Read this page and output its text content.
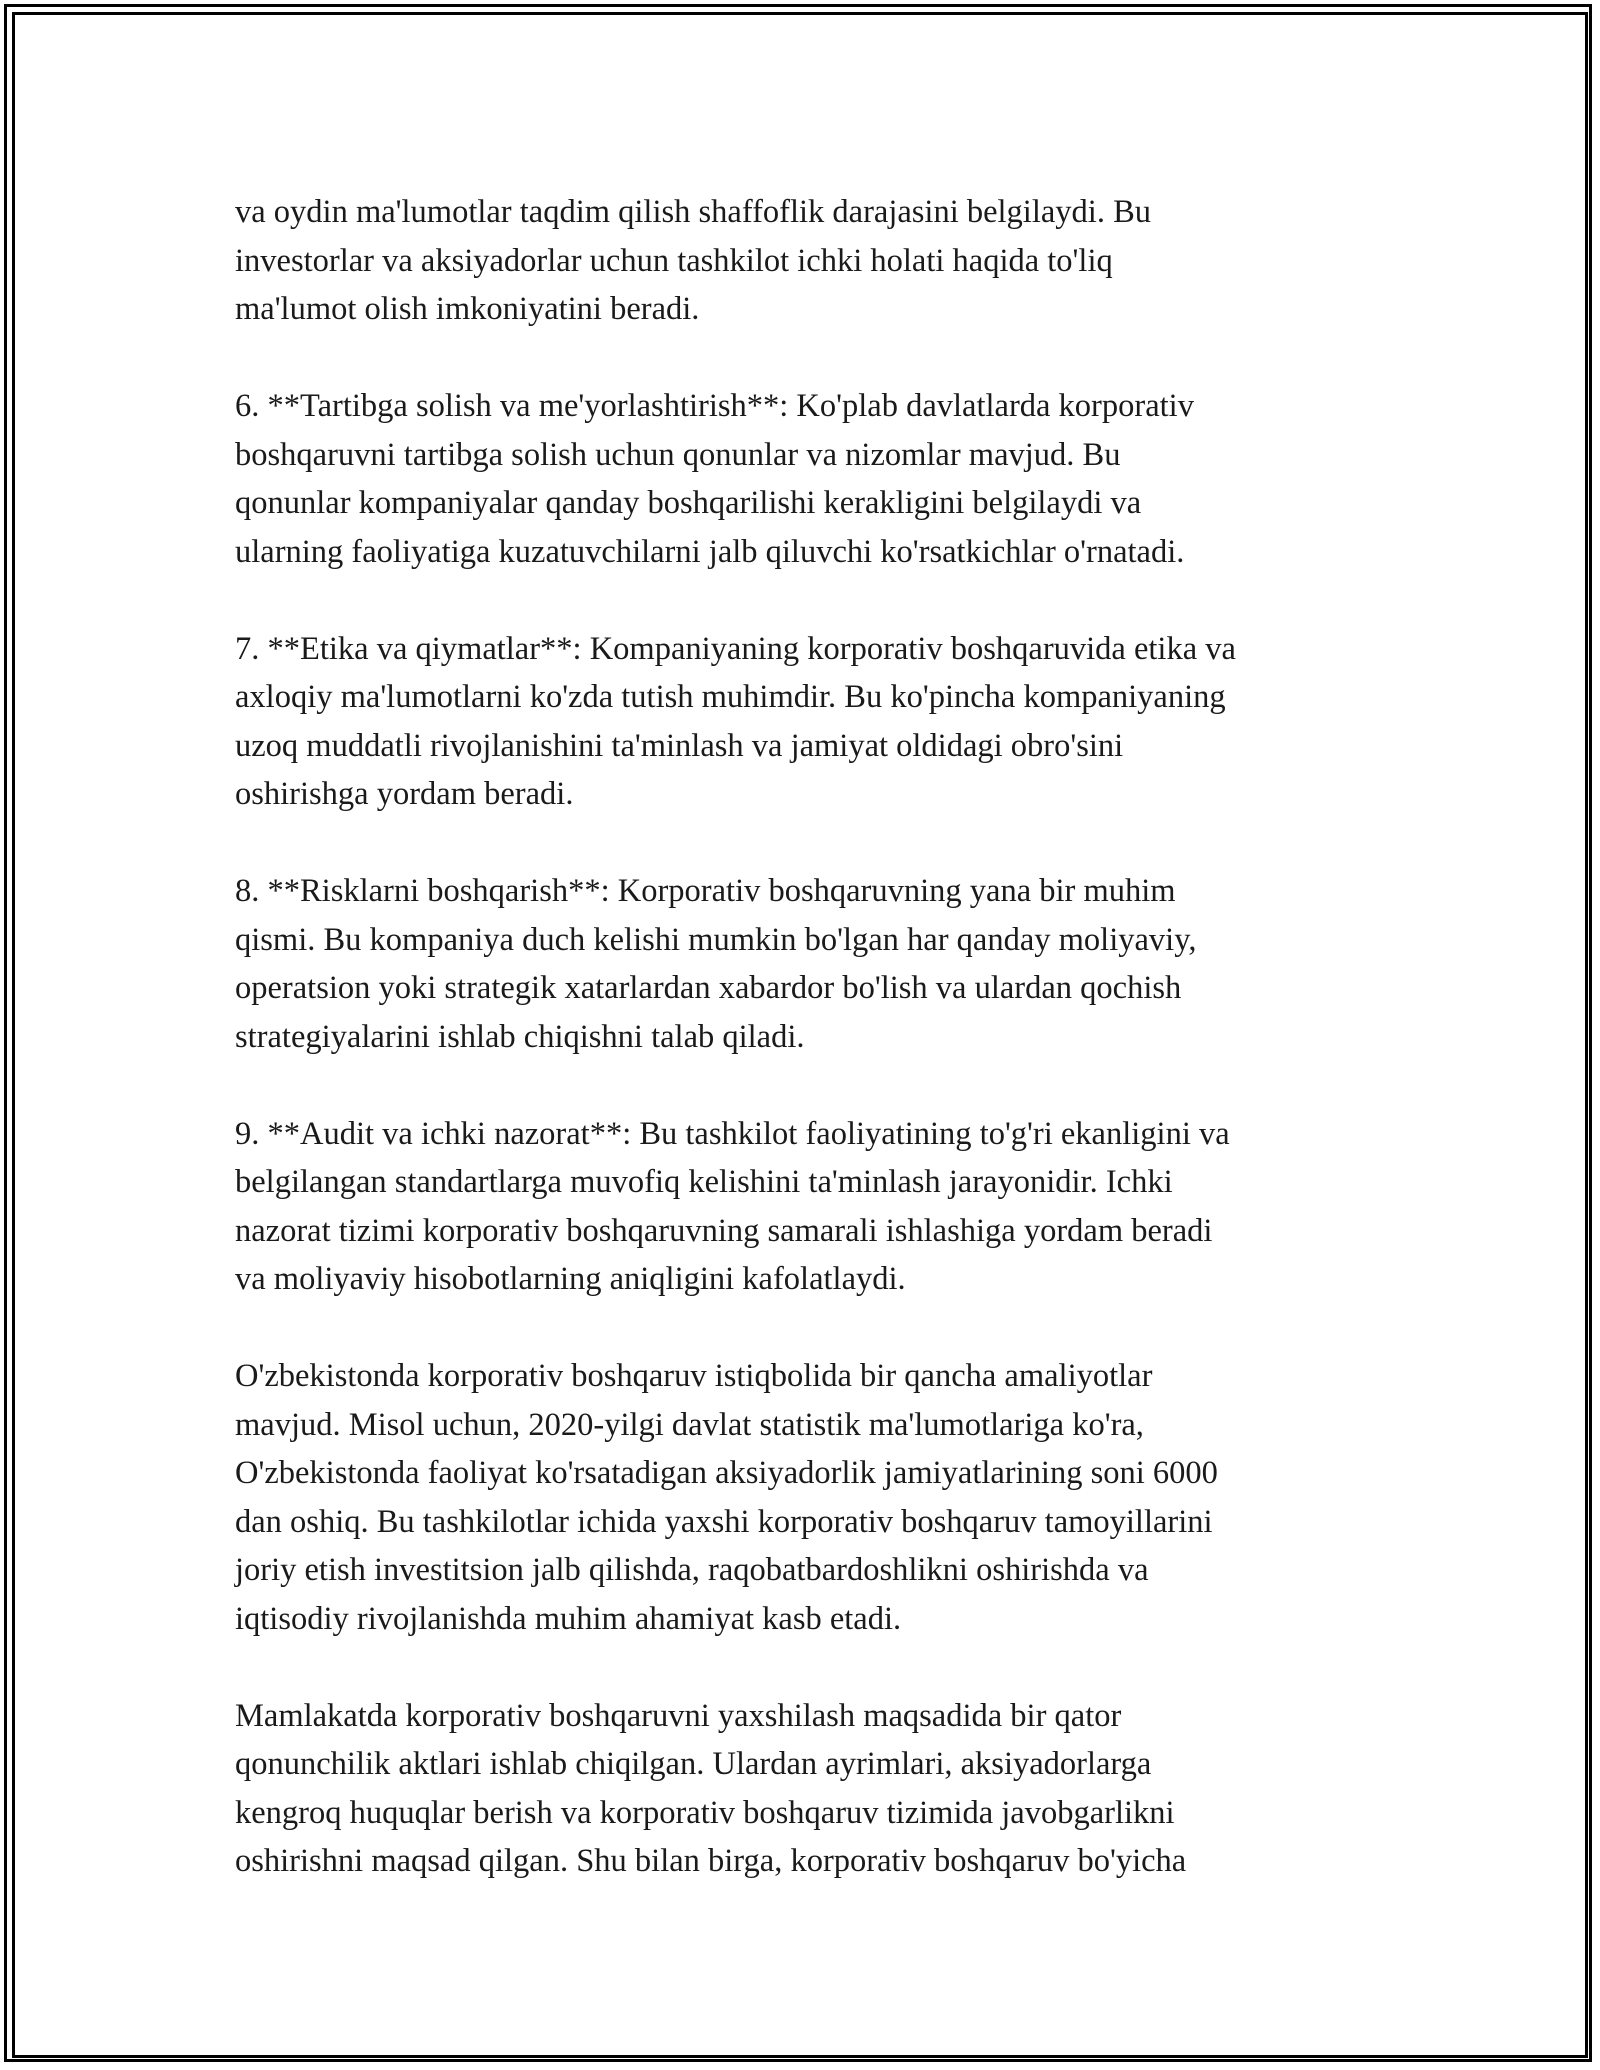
va oydin ma'lumotlar taqdim qilish shaffoflik darajasini belgilaydi. Bu
investorlar va aksiyadorlar uchun tashkilot ichki holati haqida to'liq
ma'lumot olish imkoniyatini beradi.

6. **Tartibga solish va me'yorlashtirish**: Ko'plab davlatlarda korporativ
boshqaruvni tartibga solish uchun qonunlar va nizomlar mavjud. Bu
qonunlar kompaniyalar qanday boshqarilishi kerakligini belgilaydi va
ularning faoliyatiga kuzatuvchilarni jalb qiluvchi ko'rsatkichlar o'rnatadi.

7. **Etika va qiymatlar**: Kompaniyaning korporativ boshqaruvida etika va
axloqiy ma'lumotlarni ko'zda tutish muhimdir. Bu ko'pincha kompaniyaning
uzoq muddatli rivojlanishini ta'minlash va jamiyat oldidagi obro'sini
oshirishga yordam beradi.

8. **Risklarni boshqarish**: Korporativ boshqaruvning yana bir muhim
qismi. Bu kompaniya duch kelishi mumkin bo'lgan har qanday moliyaviy,
operatsion yoki strategik xatarlardan xabardor bo'lish va ulardan qochish
strategiyalarini ishlab chiqishni talab qiladi.

9. **Audit va ichki nazorat**: Bu tashkilot faoliyatining to'g'ri ekanligini va
belgilangan standartlarga muvofiq kelishini ta'minlash jarayonidir. Ichki
nazorat tizimi korporativ boshqaruvning samarali ishlashiga yordam beradi
va moliyaviy hisobotlarning aniqligini kafolatlaydi.

O'zbekistonda korporativ boshqaruv istiqbolida bir qancha amaliyotlar
mavjud. Misol uchun, 2020-yilgi davlat statistik ma'lumotlariga ko'ra,
O'zbekistonda faoliyat ko'rsatadigan aksiyadorlik jamiyatlarining soni 6000
dan oshiq. Bu tashkilotlar ichida yaxshi korporativ boshqaruv tamoyillarini
joriy etish investitsion jalb qilishda, raqobatbardoshlikni oshirishda va
iqtisodiy rivojlanishda muhim ahamiyat kasb etadi.

Mamlakatda korporativ boshqaruvni yaxshilash maqsadida bir qator
qonunchilik aktlari ishlab chiqilgan. Ulardan ayrimlari, aksiyadorlarga
kengroq huquqlar berish va korporativ boshqaruv tizimida javobgarlikni
oshirishni maqsad qilgan. Shu bilan birga, korporativ boshqaruv bo'yicha
